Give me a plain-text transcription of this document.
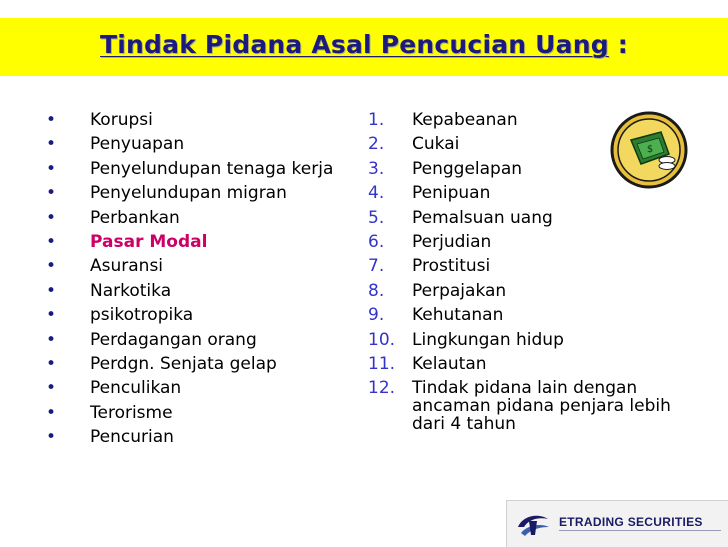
Tindak Pidana Asal Pencucian Uang :
•	Korupsi
•	Penyuapan
•	Penyelundupan tenaga kerja
•	Penyelundupan migran
•	Perbankan
•	Pasar Modal
•	Asuransi
•	Narkotika
•	psikotropika
•	Perdagangan orang
•	Perdgn. Senjata gelap
•	Penculikan
•	Terorisme
•	Pencurian
1.	Kepabeanan
2.	Cukai
3.	Penggelapan
4.	Penipuan
5.	Pemalsuan uang
6.	Perjudian
7.	Prostitusi
8.	Perpajakan
9.	Kehutanan
10. Lingkungan hidup
11. Kelautan
12. Tindak pidana lain dengan ancaman pidana penjara lebih dari 4 tahun
$
ETRADING SECURITIES
